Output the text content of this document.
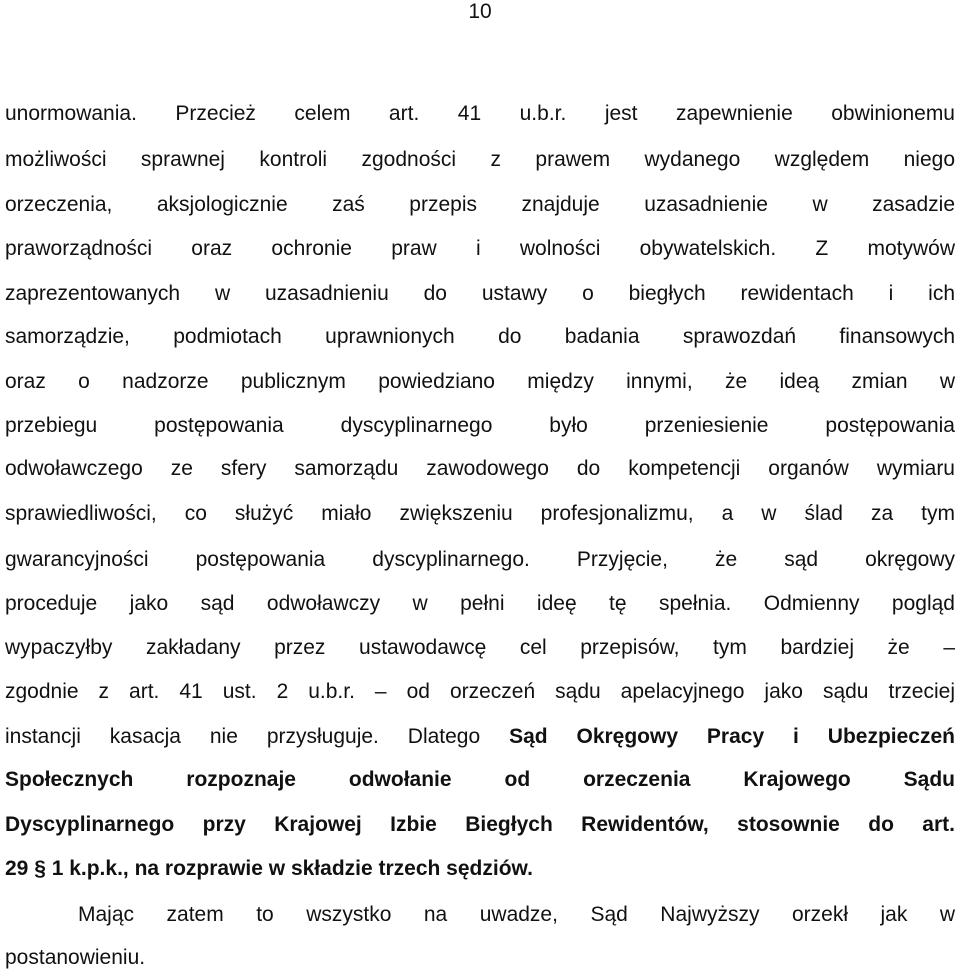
10
unormowania. Przecież celem art. 41 u.b.r. jest zapewnienie obwinionemu
możliwości sprawnej kontroli zgodności z prawem wydanego względem niego
orzeczenia, aksjologicznie zaś przepis znajduje uzasadnienie w zasadzie
praworządności oraz ochronie praw i wolności obywatelskich. Z motywów
zaprezentowanych w uzasadnieniu do ustawy o biegłych rewidentach i ich
samorządzie, podmiotach uprawnionych do badania sprawozdań finansowych
oraz o nadzorze publicznym powiedziano między innymi, że ideą zmian w
przebiegu postępowania dyscyplinarnego było przeniesienie postępowania
odwoławczego ze sfery samorządu zawodowego do kompetencji organów wymiaru
sprawiedliwości, co służyć miało zwiększeniu profesjonalizmu, a w ślad za tym
gwarancyjności postępowania dyscyplinarnego. Przyjęcie, że sąd okręgowy
proceduje jako sąd odwoławczy w pełni ideę tę spełnia. Odmienny pogląd
wypaczyłby zakładany przez ustawodawcę cel przepisów, tym bardziej że –
zgodnie z art. 41 ust. 2 u.b.r. – od orzeczeń sądu apelacyjnego jako sądu trzeciej
instancji kasacja nie przysługuje. Dlatego Sąd Okręgowy Pracy i Ubezpieczeń
Społecznych rozpoznaje odwołanie od orzeczenia Krajowego Sądu
Dyscyplinarnego przy Krajowej Izbie Biegłych Rewidentów, stosownie do art.
29 § 1 k.p.k., na rozprawie w składzie trzech sędziów.
Mając zatem to wszystko na uwadze, Sąd Najwyższy orzekł jak w
postanowieniu.
